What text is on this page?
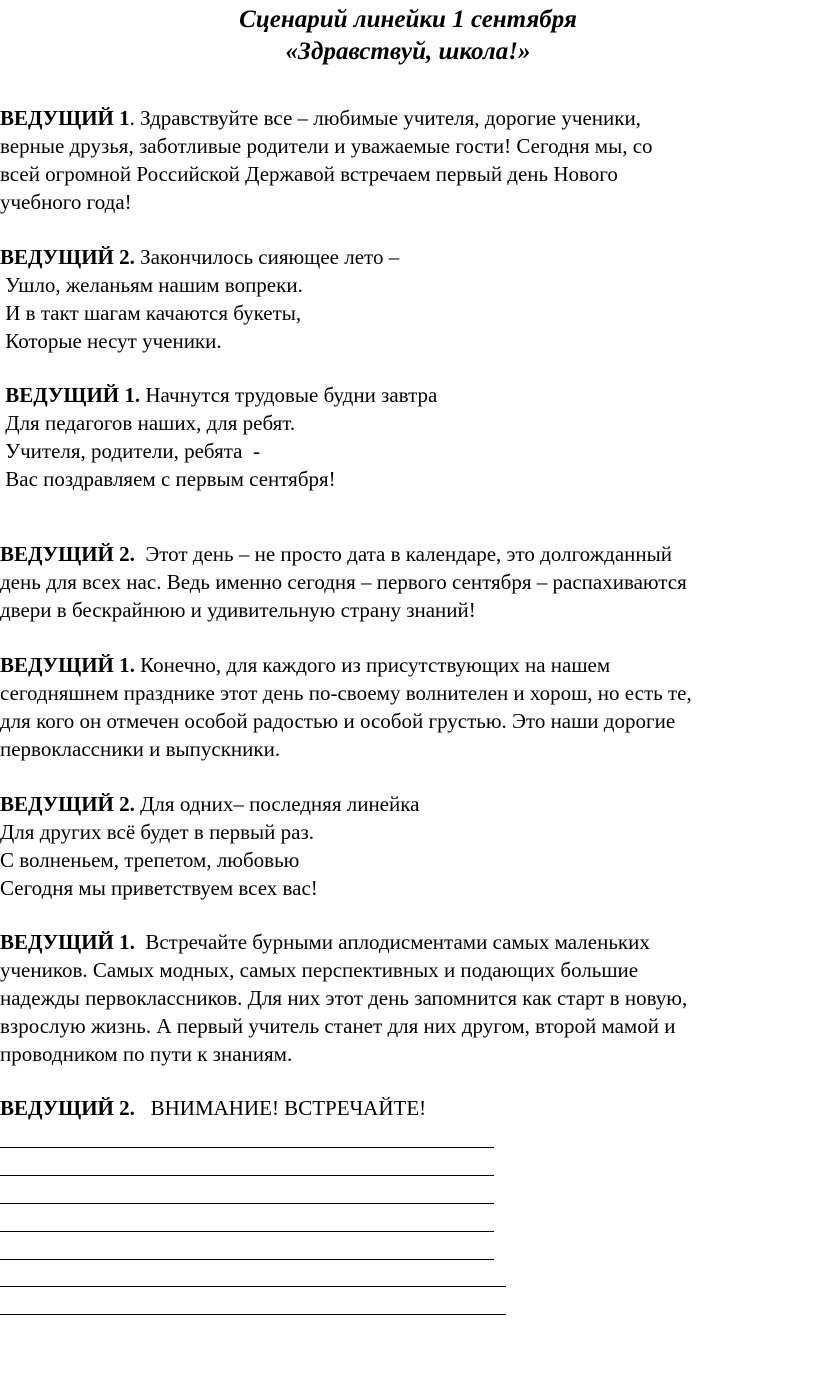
Сценарий линейки 1 сентября
«Здравствуй, школа!»
ВЕДУЩИЙ 1. Здравствуйте все – любимые учителя, дорогие ученики,
верные друзья, заботливые родители и уважаемые гости! Сегодня мы, со
всей огромной Российской Державой встречаем первый день Нового
учебного года!
ВЕДУЩИЙ 2. Закончилось сияющее лето –
Ушло, желаньям нашим вопреки.
И в такт шагам качаются букеты,
Которые несут ученики.
ВЕДУЩИЙ 1. Начнутся трудовые будни завтра
Для педагогов наших, для ребят.
Учителя, родители, ребята  -
Вас поздравляем с первым сентября!
ВЕДУЩИЙ 2.  Этот день – не просто дата в календаре, это долгожданный
день для всех нас. Ведь именно сегодня – первого сентября – распахиваются
двери в бескрайнюю и удивительную страну знаний!
ВЕДУЩИЙ 1. Конечно, для каждого из присутствующих на нашем
сегодняшнем празднике этот день по-своему волнителен и хорош, но есть те,
для кого он отмечен особой радостью и особой грустью. Это наши дорогие
первоклассники и выпускники.
ВЕДУЩИЙ 2. Для одних– последняя линейка
Для других всё будет в первый раз.
С волненьем, трепетом, любовью
Сегодня мы приветствуем всех вас!
ВЕДУЩИЙ 1.  Встречайте бурными аплодисментами самых маленьких
учеников. Самых модных, самых перспективных и подающих большие
надежды первоклассников. Для них этот день запомнится как старт в новую,
взрослую жизнь. А первый учитель станет для них другом, второй мамой и
проводником по пути к знаниям.
ВЕДУЩИЙ 2.   ВНИМАНИЕ! ВСТРЕЧАЙТЕ!
